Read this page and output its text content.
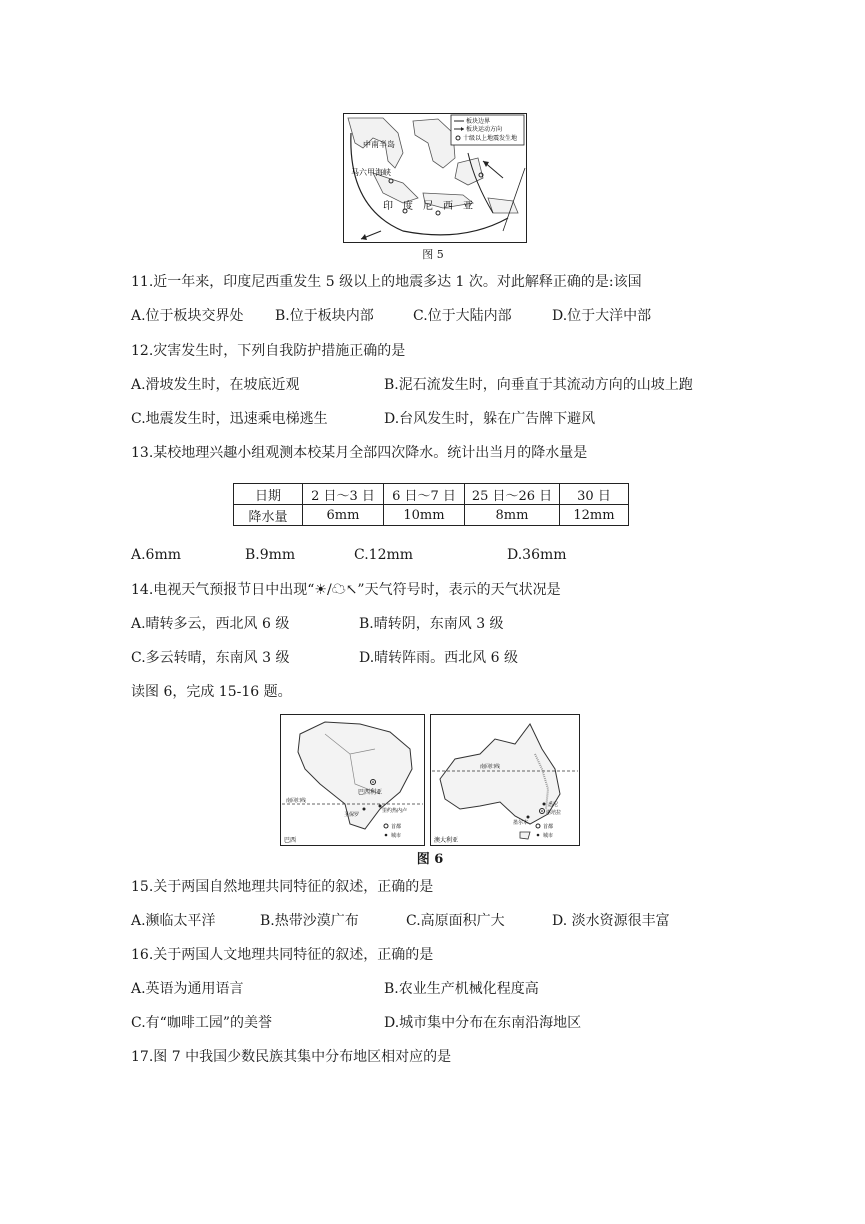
板块边界
板块运动方向
十级以上地震发生地
中南半岛
马六甲海峡
印　度　尼　西　亚
图 5
11.近一年来，印度尼西重发生 5 级以上的地震多达 1 次。对此解释正确的是:该国
A.位于板块交界处 B.位于板块内部	C.位于大陆内部	D.位于大洋中部
12.灾害发生时，下列自我防护措施正确的是
A.滑坡发生时，在坡底近观	B.泥石流发生时，向垂直于其流动方向的山坡上跑
C.地震发生时，迅速乘电梯逃生	D.台风发生时，躲在广告牌下避风
13.某校地理兴趣小组观测本校某月全部四次降水。统计出当月的降水量是
日期	2 日～3 日	6 日～7 日	25 日～26 日	30 日
降水量	6mm	10mm	8mm	12mm
A.6mm	B.9mm	C.12mm	D.36mm
14.电视天气预报节日中出现“☀/☁↖”天气符号时，表示的天气状况是
A.晴转多云，西北风 6 级	B.晴转阴，东南风 3 级
C.多云转晴，东南风 3 级	D.晴转阵雨。西北风 6 级
读图 6，完成 15-16 题。
巴西利亚
南回归线
圣保罗
里约热内卢
巴西
首都
城市
南回归线
悉尼
堪培拉
墨尔本
澳大利亚
首都
城市
图 6
15.关于两国自然地理共同特征的叙述，正确的是
A.濒临太平洋	B.热带沙漠广布	C.高原面积广大	D. 淡水资源很丰富
16.关于两国人文地理共同特征的叙述，正确的是
A.英语为通用语言	B.农业生产机械化程度高
C.有“咖啡工园”的美誉	D.城市集中分布在东南沿海地区
17.图 7 中我国少数民族其集中分布地区相对应的是
